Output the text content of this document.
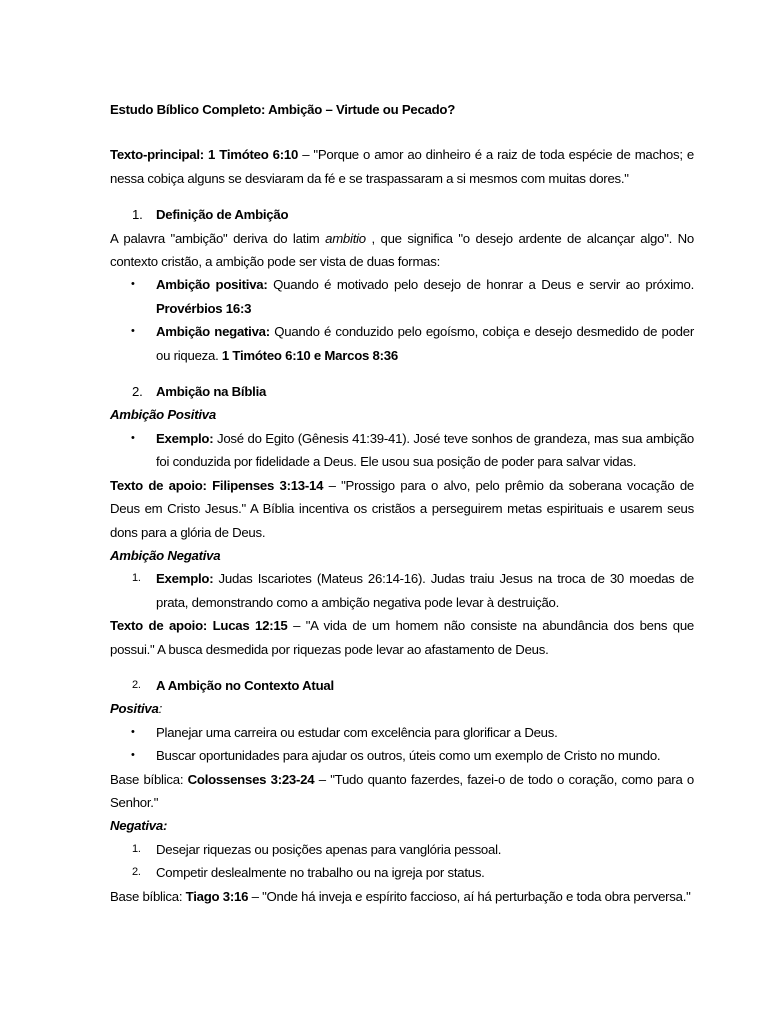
Estudo Bíblico Completo: Ambição – Virtude ou Pecado?

Texto-principal: 1 Timóteo 6:10 – "Porque o amor ao dinheiro é a raiz de toda espécie de machos; e nessa cobiça alguns se desviaram da fé e se traspassaram a si mesmos com muitas dores."

1. Definição de Ambição

A palavra "ambição" deriva do latim ambitio , que significa "o desejo ardente de alcançar algo". No contexto cristão, a ambição pode ser vista de duas formas:

• Ambição positiva: Quando é motivado pelo desejo de honrar a Deus e servir ao próximo. Provérbios 16:3
• Ambição negativa: Quando é conduzido pelo egoísmo, cobiça e desejo desmedido de poder ou riqueza. 1 Timóteo 6:10 e Marcos 8:36

2. Ambição na Bíblia

Ambição Positiva

• Exemplo: José do Egito (Gênesis 41:39-41). José teve sonhos de grandeza, mas sua ambição foi conduzida por fidelidade a Deus. Ele usou sua posição de poder para salvar vidas.

Texto de apoio: Filipenses 3:13-14 – "Prossigo para o alvo, pelo prêmio da soberana vocação de Deus em Cristo Jesus." A Bíblia incentiva os cristãos a perseguirem metas espirituais e usarem seus dons para a glória de Deus.

Ambição Negativa

1. Exemplo: Judas Iscariotes (Mateus 26:14-16). Judas traiu Jesus na troca de 30 moedas de prata, demonstrando como a ambição negativa pode levar à destruição.

Texto de apoio: Lucas 12:15 – "A vida de um homem não consiste na abundância dos bens que possui." A busca desmedida por riquezas pode levar ao afastamento de Deus.

2. A Ambição no Contexto Atual

Positiva:

• Planejar uma carreira ou estudar com excelência para glorificar a Deus.
• Buscar oportunidades para ajudar os outros, úteis como um exemplo de Cristo no mundo.

Base bíblica: Colossenses 3:23-24 – "Tudo quanto fazerdes, fazei-o de todo o coração, como para o Senhor."

Negativa:

1. Desejar riquezas ou posições apenas para vanglória pessoal.
2. Competir deslealmente no trabalho ou na igreja por status.

Base bíblica: Tiago 3:16 – "Onde há inveja e espírito faccioso, aí há perturbação e toda obra perversa."
